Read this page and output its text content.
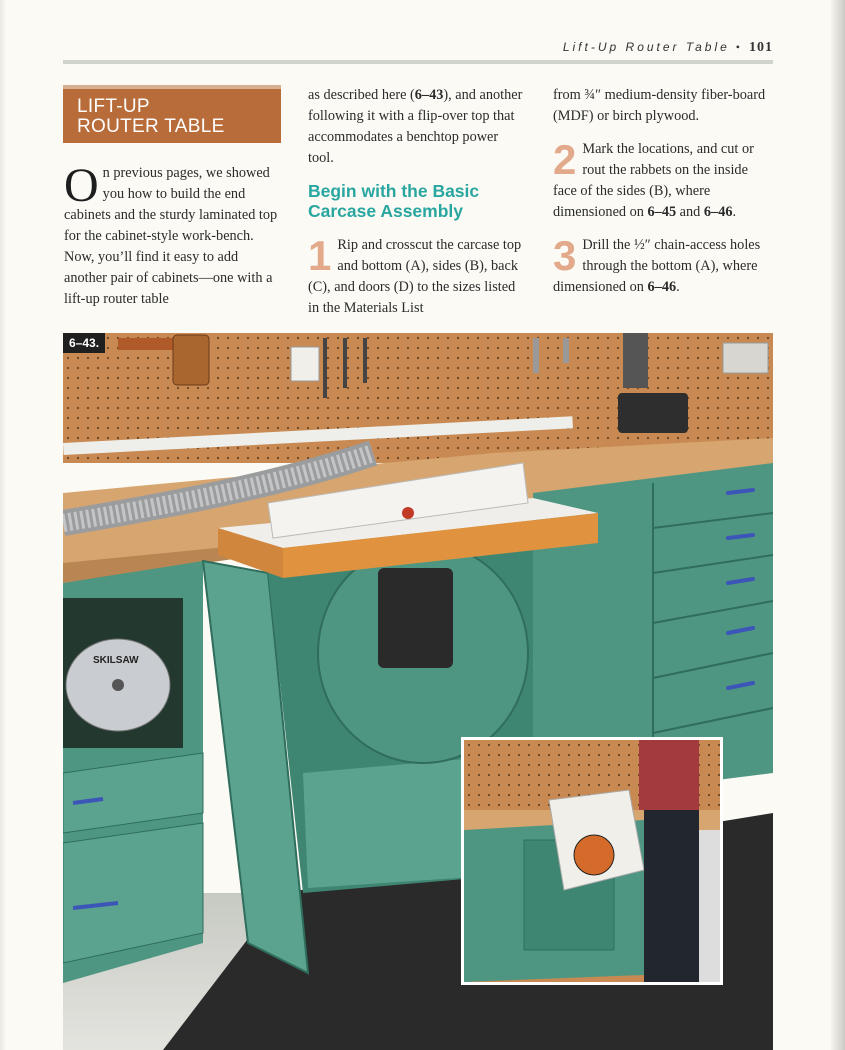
Lift-Up Router Table • 101
LIFT-UP
ROUTER TABLE
On previous pages, we showed you how to build the end cabinets and the sturdy laminated top for the cabinet-style work-bench. Now, you’ll find it easy to add another pair of cabinets—one with a lift-up router table
as described here (6–43), and another following it with a flip-over top that accommodates a benchtop power tool.
Begin with the Basic Carcase Assembly
1 Rip and crosscut the carcase top and bottom (A), sides (B), back (C), and doors (D) to the sizes listed in the Materials List
from ¾″ medium-density fiber-board (MDF) or birch plywood.
2 Mark the locations, and cut or rout the rabbets on the inside face of the sides (B), where dimensioned on 6–45 and 6–46.
3 Drill the ½″ chain-access holes through the bottom (A), where dimensioned on 6–46.
6–43.
SKILSAW
